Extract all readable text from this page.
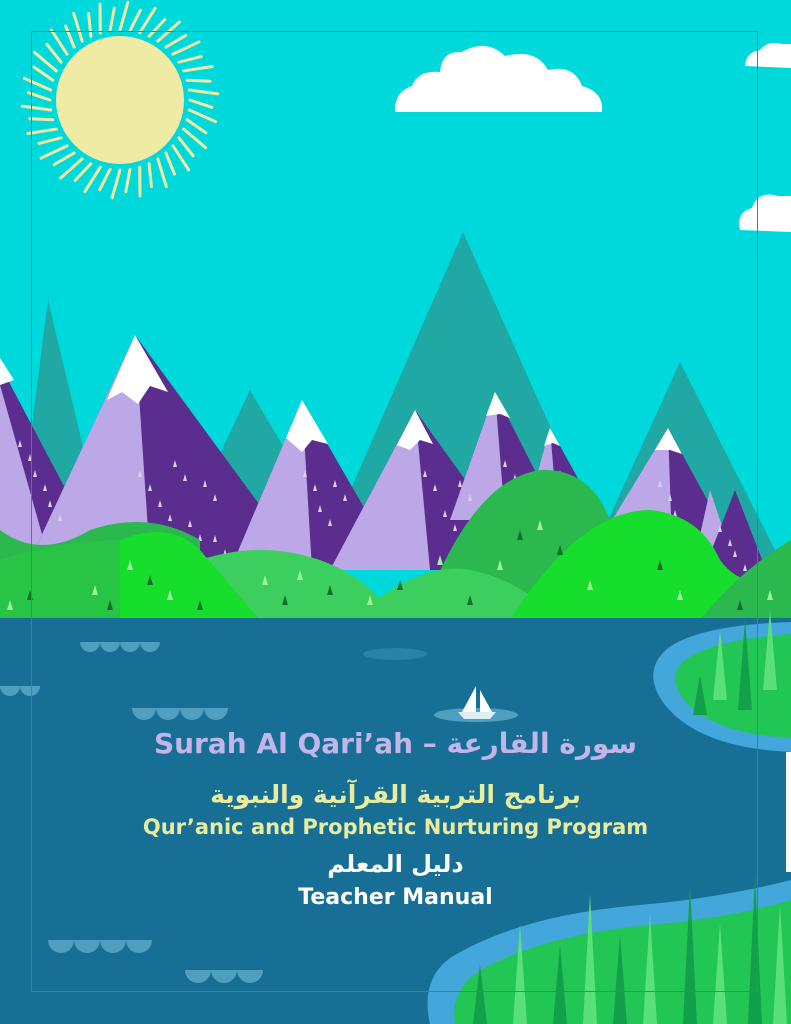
Surah Al Qari’ah – سورة القارعة
برنامج التربية القرآنية والنبوية
Qur’anic and Prophetic Nurturing Program
دليل المعلم
Teacher Manual
